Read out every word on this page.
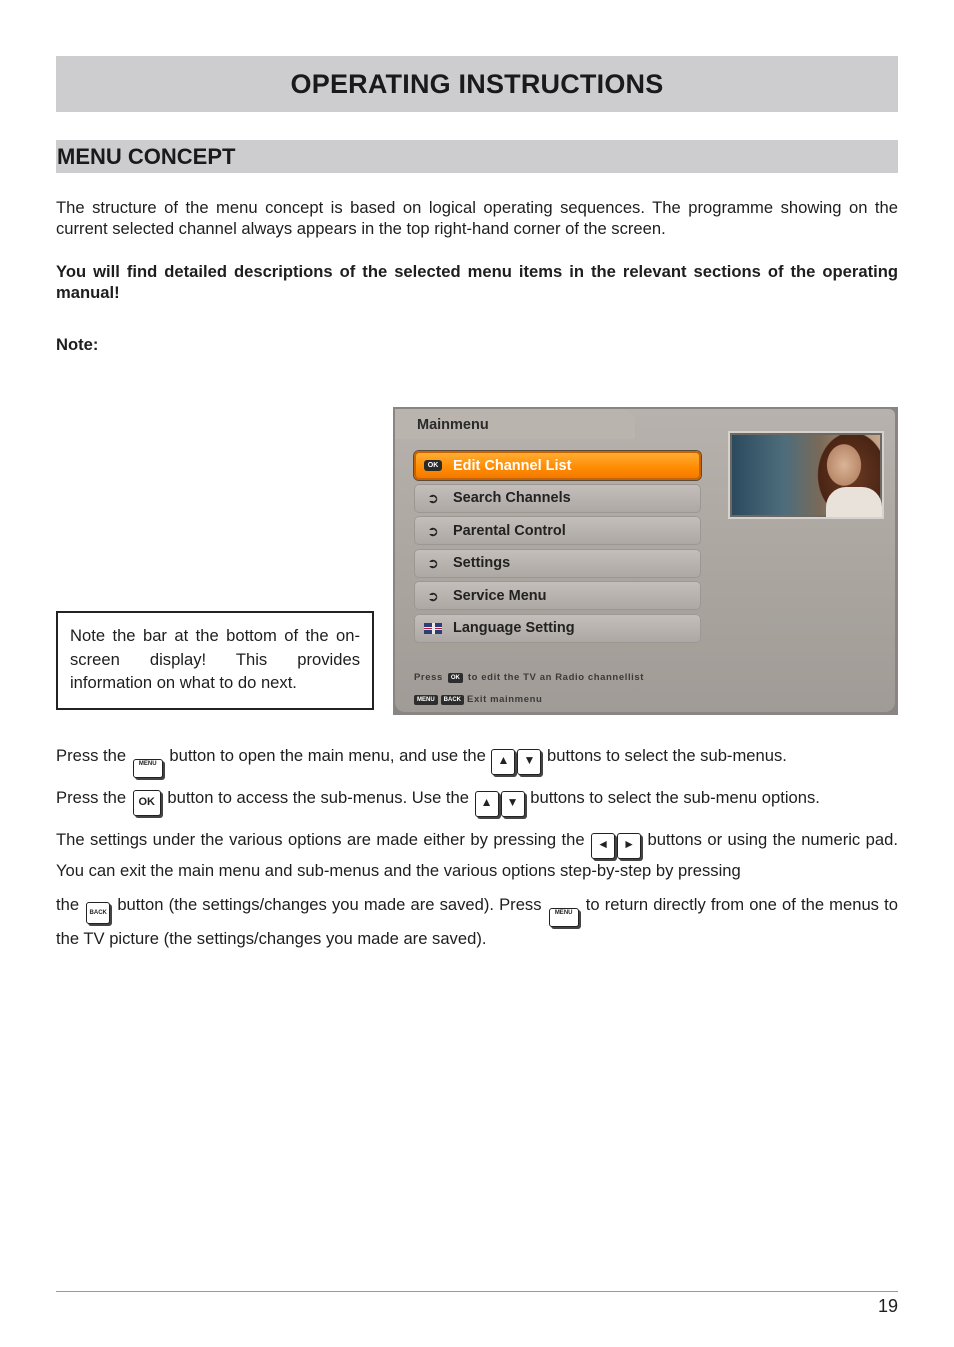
OPERATING INSTRUCTIONS
MENU CONCEPT

The structure of the menu concept is based on logical operating sequences. The programme showing on the current selected channel always appears in the top right-hand corner of the screen.

You will find detailed descriptions of the selected menu items in the relevant sections of the operating manual!

Note:

Note the bar at the bottom of the on-screen display! This provides information on what to do next.
Mainmenu
OK Edit Channel List
➲ Search Channels
➲ Parental Control
➲ Settings
➲ Service Menu
Language Setting
Press	OK to edit the TV an Radio channellist
MENU	BACK Exit mainmenu

Press the MENU button to open the main menu, and use the ▲ ▼ buttons to select the sub-menus.

Press the OK button to access the sub-menus. Use the ▲ ▼ buttons to select the sub-menu options.

The settings under the various options are made either by pressing the ◄ ► buttons or using the numeric pad. You can exit the main menu and sub-menus and the various options step-by-step by pressing

the BACK button (the settings/changes you made are saved). Press MENU to return directly from one of the menus to the TV picture (the settings/changes you made are saved).

19
